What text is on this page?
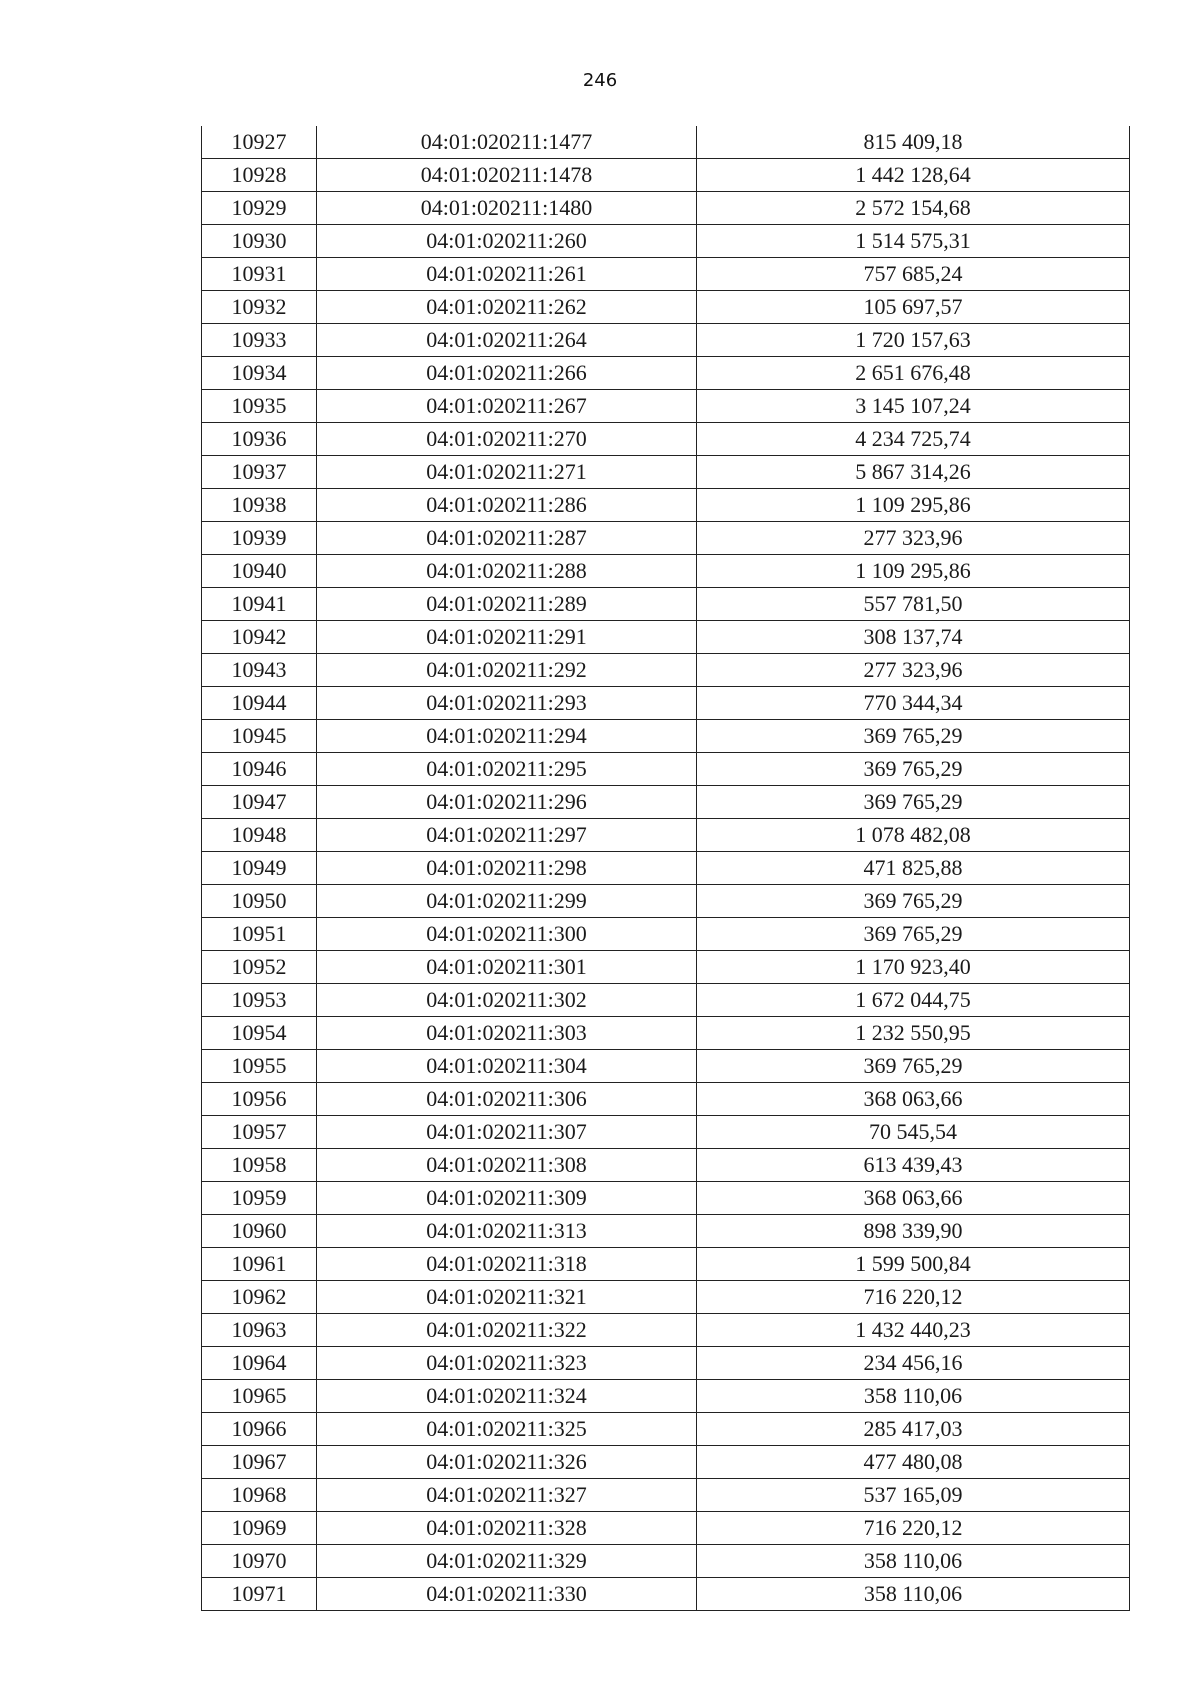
246
10927	04:01:020211:1477	815 409,18
10928	04:01:020211:1478	1 442 128,64
10929	04:01:020211:1480	2 572 154,68
10930	04:01:020211:260	1 514 575,31
10931	04:01:020211:261	757 685,24
10932	04:01:020211:262	105 697,57
10933	04:01:020211:264	1 720 157,63
10934	04:01:020211:266	2 651 676,48
10935	04:01:020211:267	3 145 107,24
10936	04:01:020211:270	4 234 725,74
10937	04:01:020211:271	5 867 314,26
10938	04:01:020211:286	1 109 295,86
10939	04:01:020211:287	277 323,96
10940	04:01:020211:288	1 109 295,86
10941	04:01:020211:289	557 781,50
10942	04:01:020211:291	308 137,74
10943	04:01:020211:292	277 323,96
10944	04:01:020211:293	770 344,34
10945	04:01:020211:294	369 765,29
10946	04:01:020211:295	369 765,29
10947	04:01:020211:296	369 765,29
10948	04:01:020211:297	1 078 482,08
10949	04:01:020211:298	471 825,88
10950	04:01:020211:299	369 765,29
10951	04:01:020211:300	369 765,29
10952	04:01:020211:301	1 170 923,40
10953	04:01:020211:302	1 672 044,75
10954	04:01:020211:303	1 232 550,95
10955	04:01:020211:304	369 765,29
10956	04:01:020211:306	368 063,66
10957	04:01:020211:307	70 545,54
10958	04:01:020211:308	613 439,43
10959	04:01:020211:309	368 063,66
10960	04:01:020211:313	898 339,90
10961	04:01:020211:318	1 599 500,84
10962	04:01:020211:321	716 220,12
10963	04:01:020211:322	1 432 440,23
10964	04:01:020211:323	234 456,16
10965	04:01:020211:324	358 110,06
10966	04:01:020211:325	285 417,03
10967	04:01:020211:326	477 480,08
10968	04:01:020211:327	537 165,09
10969	04:01:020211:328	716 220,12
10970	04:01:020211:329	358 110,06
10971	04:01:020211:330	358 110,06
